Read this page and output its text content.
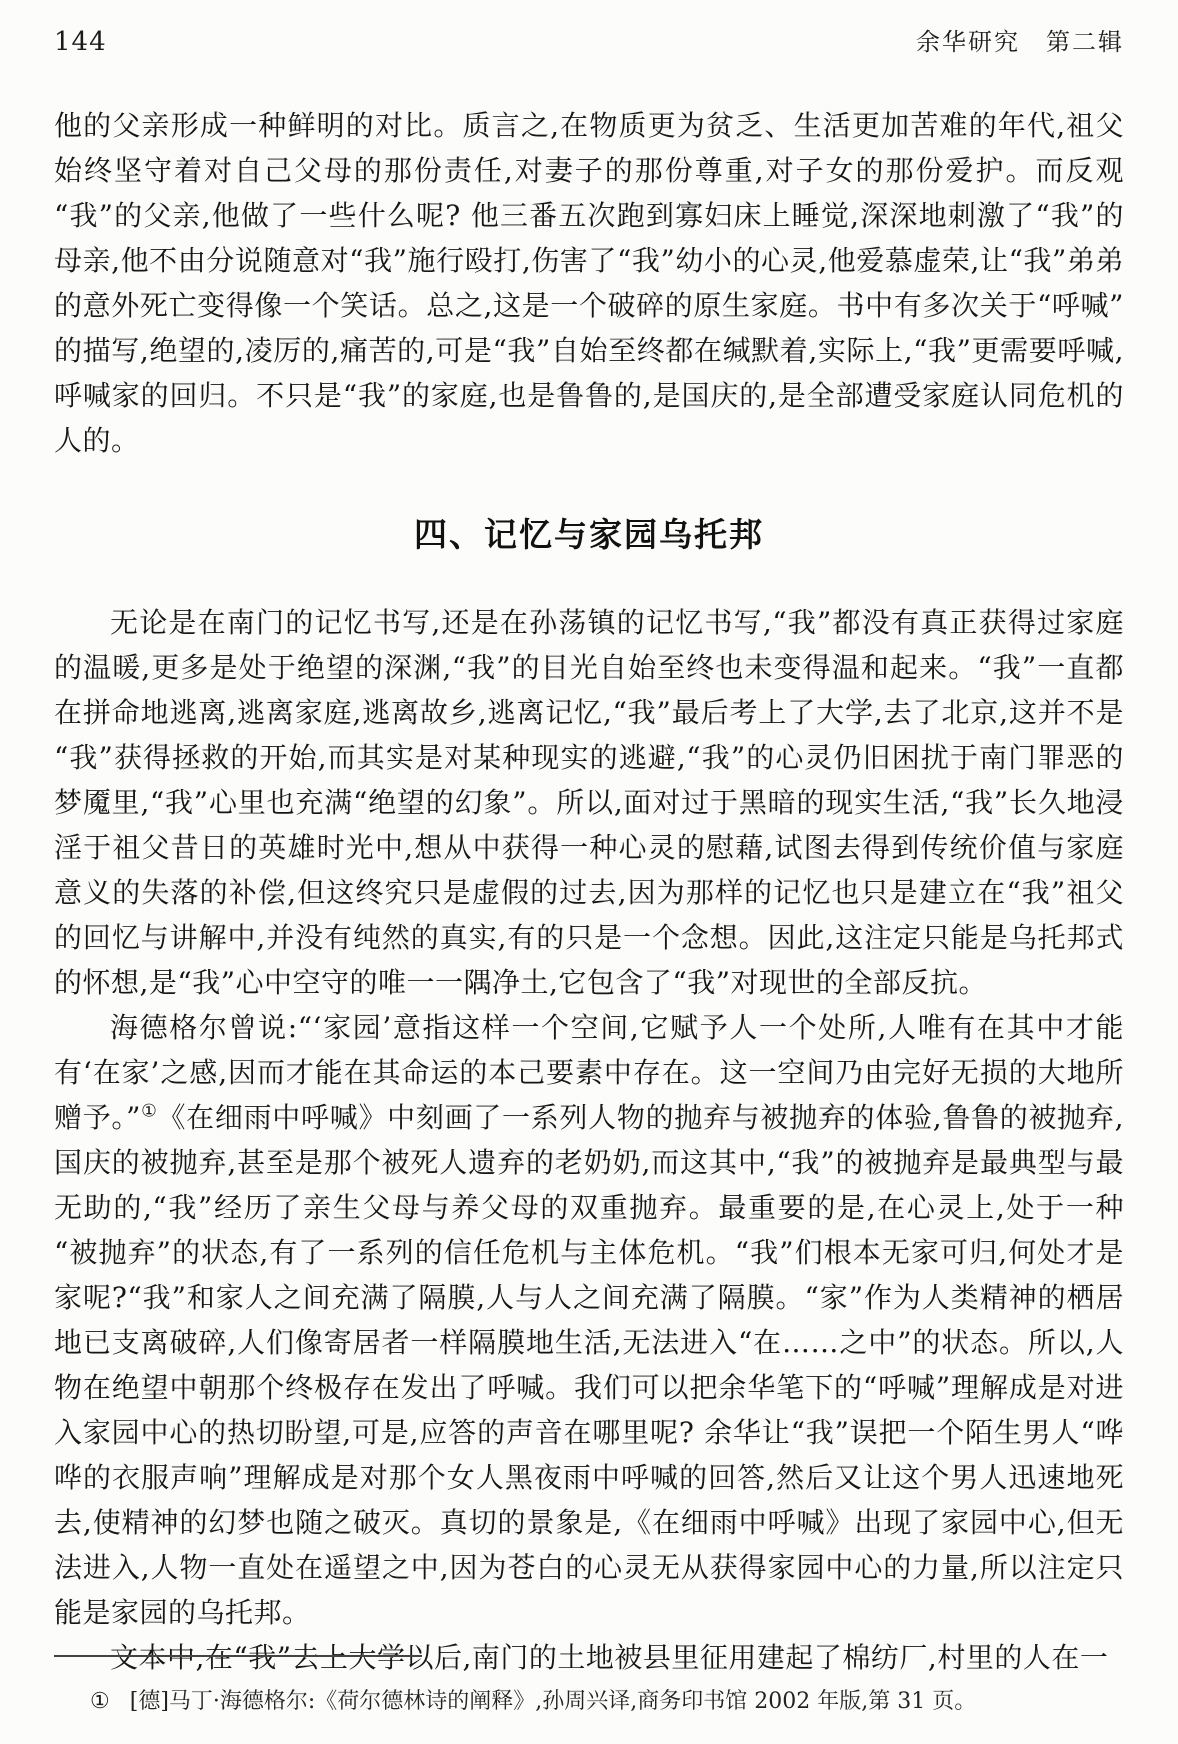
144	余华研究　第二辑

他的父亲形成一种鲜明的对比。质言之,在物质更为贫乏、生活更加苦难的年代,祖父始终坚守着对自己父母的那份责任,对妻子的那份尊重,对子女的那份爱护。而反观“我”的父亲,他做了一些什么呢? 他三番五次跑到寡妇床上睡觉,深深地刺激了“我”的母亲,他不由分说随意对“我”施行殴打,伤害了“我”幼小的心灵,他爱慕虚荣,让“我”弟弟的意外死亡变得像一个笑话。总之,这是一个破碎的原生家庭。书中有多次关于“呼喊”的描写,绝望的,凌厉的,痛苦的,可是“我”自始至终都在缄默着,实际上,“我”更需要呼喊,呼喊家的回归。不只是“我”的家庭,也是鲁鲁的,是国庆的,是全部遭受家庭认同危机的人的。

四、记忆与家园乌托邦

无论是在南门的记忆书写,还是在孙荡镇的记忆书写,“我”都没有真正获得过家庭的温暖,更多是处于绝望的深渊,“我”的目光自始至终也未变得温和起来。“我”一直都在拼命地逃离,逃离家庭,逃离故乡,逃离记忆,“我”最后考上了大学,去了北京,这并不是“我”获得拯救的开始,而其实是对某种现实的逃避,“我”的心灵仍旧困扰于南门罪恶的梦魇里,“我”心里也充满“绝望的幻象”。所以,面对过于黑暗的现实生活,“我”长久地浸淫于祖父昔日的英雄时光中,想从中获得一种心灵的慰藉,试图去得到传统价值与家庭意义的失落的补偿,但这终究只是虚假的过去,因为那样的记忆也只是建立在“我”祖父的回忆与讲解中,并没有纯然的真实,有的只是一个念想。因此,这注定只能是乌托邦式的怀想,是“我”心中空守的唯一一隅净土,它包含了“我”对现世的全部反抗。

海德格尔曾说:“‘家园’意指这样一个空间,它赋予人一个处所,人唯有在其中才能有‘在家’之感,因而才能在其命运的本己要素中存在。这一空间乃由完好无损的大地所赠予。”①《在细雨中呼喊》中刻画了一系列人物的抛弃与被抛弃的体验,鲁鲁的被抛弃,国庆的被抛弃,甚至是那个被死人遗弃的老奶奶,而这其中,“我”的被抛弃是最典型与最无助的,“我”经历了亲生父母与养父母的双重抛弃。最重要的是,在心灵上,处于一种“被抛弃”的状态,有了一系列的信任危机与主体危机。“我”们根本无家可归,何处才是家呢?“我”和家人之间充满了隔膜,人与人之间充满了隔膜。“家”作为人类精神的栖居地已支离破碎,人们像寄居者一样隔膜地生活,无法进入“在……之中”的状态。所以,人物在绝望中朝那个终极存在发出了呼喊。我们可以把余华笔下的“呼喊”理解成是对进入家园中心的热切盼望,可是,应答的声音在哪里呢? 余华让“我”误把一个陌生男人“哗哗的衣服声响”理解成是对那个女人黑夜雨中呼喊的回答,然后又让这个男人迅速地死去,使精神的幻梦也随之破灭。真切的景象是,《在细雨中呼喊》出现了家园中心,但无法进入,人物一直处在遥望之中,因为苍白的心灵无从获得家园中心的力量,所以注定只能是家园的乌托邦。

文本中,在“我”去上大学以后,南门的土地被县里征用建起了棉纺厂,村里的人在一

① [德]马丁·海德格尔:《荷尔德林诗的阐释》,孙周兴译,商务印书馆 2002 年版,第 31 页。
